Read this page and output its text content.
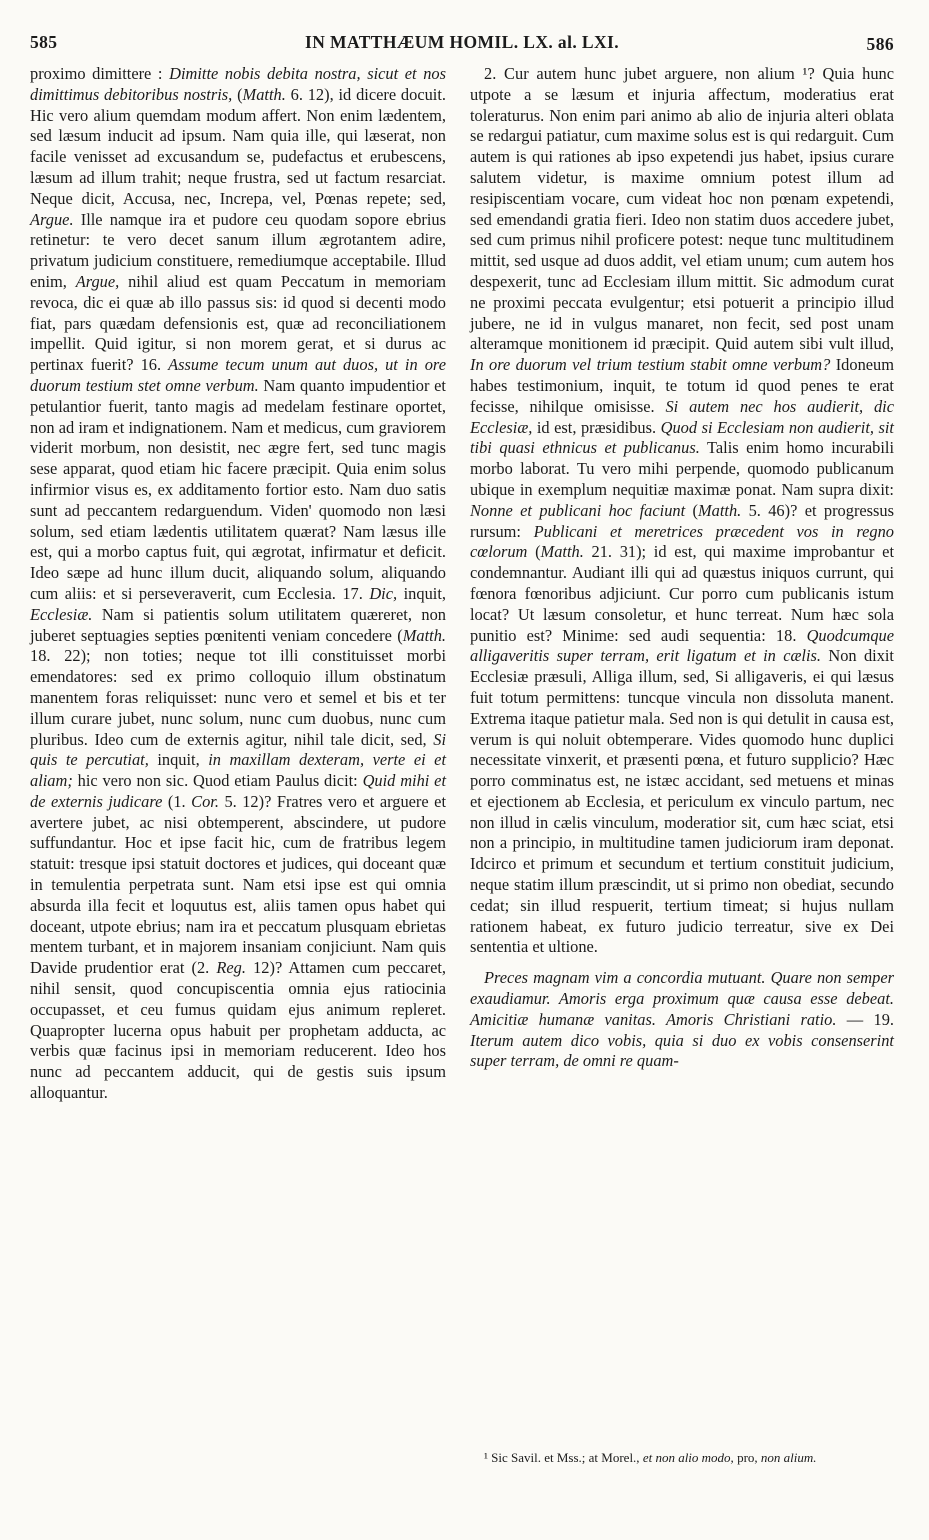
585	IN MATTHÆUM HOMIL. LX. al. LXI.	586

proximo dimittere : Dimitte nobis debita nostra, sicut et nos dimittimus debitoribus nostris, (Matth. 6. 12), id dicere docuit. Hic vero alium quemdam modum affert. Non enim lædentem, sed læsum inducit ad ipsum. Nam quia ille, qui læserat, non facile venisset ad excusandum se, pudefactus et erubescens, læsum ad illum trahit; neque frustra, sed ut factum resarciat. Neque dicit, Accusa, nec, Increpa, vel, Pœnas repete; sed, Argue. Ille namque ira et pudore ceu quodam sopore ebrius retinetur: te vero decet sanum illum ægrotantem adire, privatum judicium constituere, remediumque acceptabile. Illud enim, Argue, nihil aliud est quam Peccatum in memoriam revoca, dic ei quæ ab illo passus sis: id quod si decenti modo fiat, pars quædam defensionis est, quæ ad reconciliationem impellit. Quid igitur, si non morem gerat, et si durus ac pertinax fuerit? 16. Assume tecum unum aut duos, ut in ore duorum testium stet omne verbum. Nam quanto impudentior et petulantior fuerit, tanto magis ad medelam festinare oportet, non ad iram et indignationem. Nam et medicus, cum graviorem viderit morbum, non desistit, nec ægre fert, sed tunc magis sese apparat, quod etiam hic facere præcipit. Quia enim solus infirmior visus es, ex additamento fortior esto. Nam duo satis sunt ad peccantem redarguendum. Viden' quomodo non læsi solum, sed etiam lædentis utilitatem quærat? Nam læsus ille est, qui a morbo captus fuit, qui ægrotat, infirmatur et deficit. Ideo sæpe ad hunc illum ducit, aliquando solum, aliquando cum aliis: et si perseveraverit, cum Ecclesia. 17. Dic, inquit, Ecclesiæ. Nam si patientis solum utilitatem quæreret, non juberet septuagies septies pœnitenti veniam concedere (Matth. 18. 22); non toties; neque tot illi constituisset morbi emendatores: sed ex primo colloquio illum obstinatum manentem foras reliquisset: nunc vero et semel et bis et ter illum curare jubet, nunc solum, nunc cum duobus, nunc cum pluribus. Ideo cum de externis agitur, nihil tale dicit, sed, Si quis te percutiat, inquit, in maxillam dexteram, verte ei et aliam; hic vero non sic. Quod etiam Paulus dicit: Quid mihi et de externis judicare (1. Cor. 5. 12)? Fratres vero et arguere et avertere jubet, ac nisi obtemperent, abscindere, ut pudore suffundantur. Hoc et ipse facit hic, cum de fratribus legem statuit: tresque ipsi statuit doctores et judices, qui doceant quæ in temulentia perpetrata sunt. Nam etsi ipse est qui omnia absurda illa fecit et loquutus est, aliis tamen opus habet qui doceant, utpote ebrius; nam ira et peccatum plusquam ebrietas mentem turbant, et in majorem insaniam conjiciunt. Nam quis Davide prudentior erat (2. Reg. 12)? Attamen cum peccaret, nihil sensit, quod concupiscentia omnia ejus ratiocinia occupasset, et ceu fumus quidam ejus animum repleret. Quapropter lucerna opus habuit per prophetam adducta, ac verbis quæ facinus ipsi in memoriam reducerent. Ideo hos nunc ad peccantem adducit, qui de gestis suis ipsum alloquantur.

2. Cur autem hunc jubet arguere, non alium ¹? Quia hunc utpote a se læsum et injuria affectum, moderatius erat toleraturus. Non enim pari animo ab alio de injuria alteri oblata se redargui patiatur, cum maxime solus est is qui redarguit. Cum autem is qui rationes ab ipso expetendi jus habet, ipsius curare salutem videtur, is maxime omnium potest illum ad resipiscentiam vocare, cum videat hoc non pœnam expetendi, sed emendandi gratia fieri. Ideo non statim duos accedere jubet, sed cum primus nihil proficere potest: neque tunc multitudinem mittit, sed usque ad duos addit, vel etiam unum; cum autem hos despexerit, tunc ad Ecclesiam illum mittit. Sic admodum curat ne proximi peccata evulgentur; etsi potuerit a principio illud jubere, ne id in vulgus manaret, non fecit, sed post unam alteramque monitionem id præcipit. Quid autem sibi vult illud, In ore duorum vel trium testium stabit omne verbum? Idoneum habes testimonium, inquit, te totum id quod penes te erat fecisse, nihilque omisisse. Si autem nec hos audierit, dic Ecclesiæ, id est, præsidibus. Quod si Ecclesiam non audierit, sit tibi quasi ethnicus et publicanus. Talis enim homo incurabili morbo laborat. Tu vero mihi perpende, quomodo publicanum ubique in exemplum nequitiæ maximæ ponat. Nam supra dixit: Nonne et publicani hoc faciunt (Matth. 5. 46)? et progressus rursum: Publicani et meretrices præcedent vos in regno cœlorum (Matth. 21. 31); id est, qui maxime improbantur et condemnantur. Audiant illi qui ad quæstus iniquos currunt, qui fœnora fœnoribus adjiciunt. Cur porro cum publicanis istum locat? Ut læsum consoletur, et hunc terreat. Num hæc sola punitio est? Minime: sed audi sequentia: 18. Quodcumque alligaveritis super terram, erit ligatum et in cælis. Non dixit Ecclesiæ præsuli, Alliga illum, sed, Si alligaveris, ei qui læsus fuit totum permittens: tuncque vincula non dissoluta manent. Extrema itaque patietur mala. Sed non is qui detulit in causa est, verum is qui noluit obtemperare. Vides quomodo hunc duplici necessitate vinxerit, et præsenti pœna, et futuro supplicio? Hæc porro comminatus est, ne istæc accidant, sed metuens et minas et ejectionem ab Ecclesia, et periculum ex vinculo partum, nec non illud in cælis vinculum, moderatior sit, cum hæc sciat, etsi non a principio, in multitudine tamen judiciorum iram deponat. Idcirco et primum et secundum et tertium constituit judicium, neque statim illum præscindit, ut si primo non obediat, secundo cedat; sin illud respuerit, tertium timeat; si hujus nullam rationem habeat, ex futuro judicio terreatur, sive ex Dei sententia et ultione.

Preces magnam vim a concordia mutuant. Quare non semper exaudiamur. Amoris erga proximum quæ causa esse debeat. Amicitiæ humanæ vanitas. Amoris Christiani ratio. — 19. Iterum autem dico vobis, quia si duo ex vobis consenserint super terram, de omni re quam-

¹ Sic Savil. et Mss.; at Morel., et non alio modo, pro, non alium.
